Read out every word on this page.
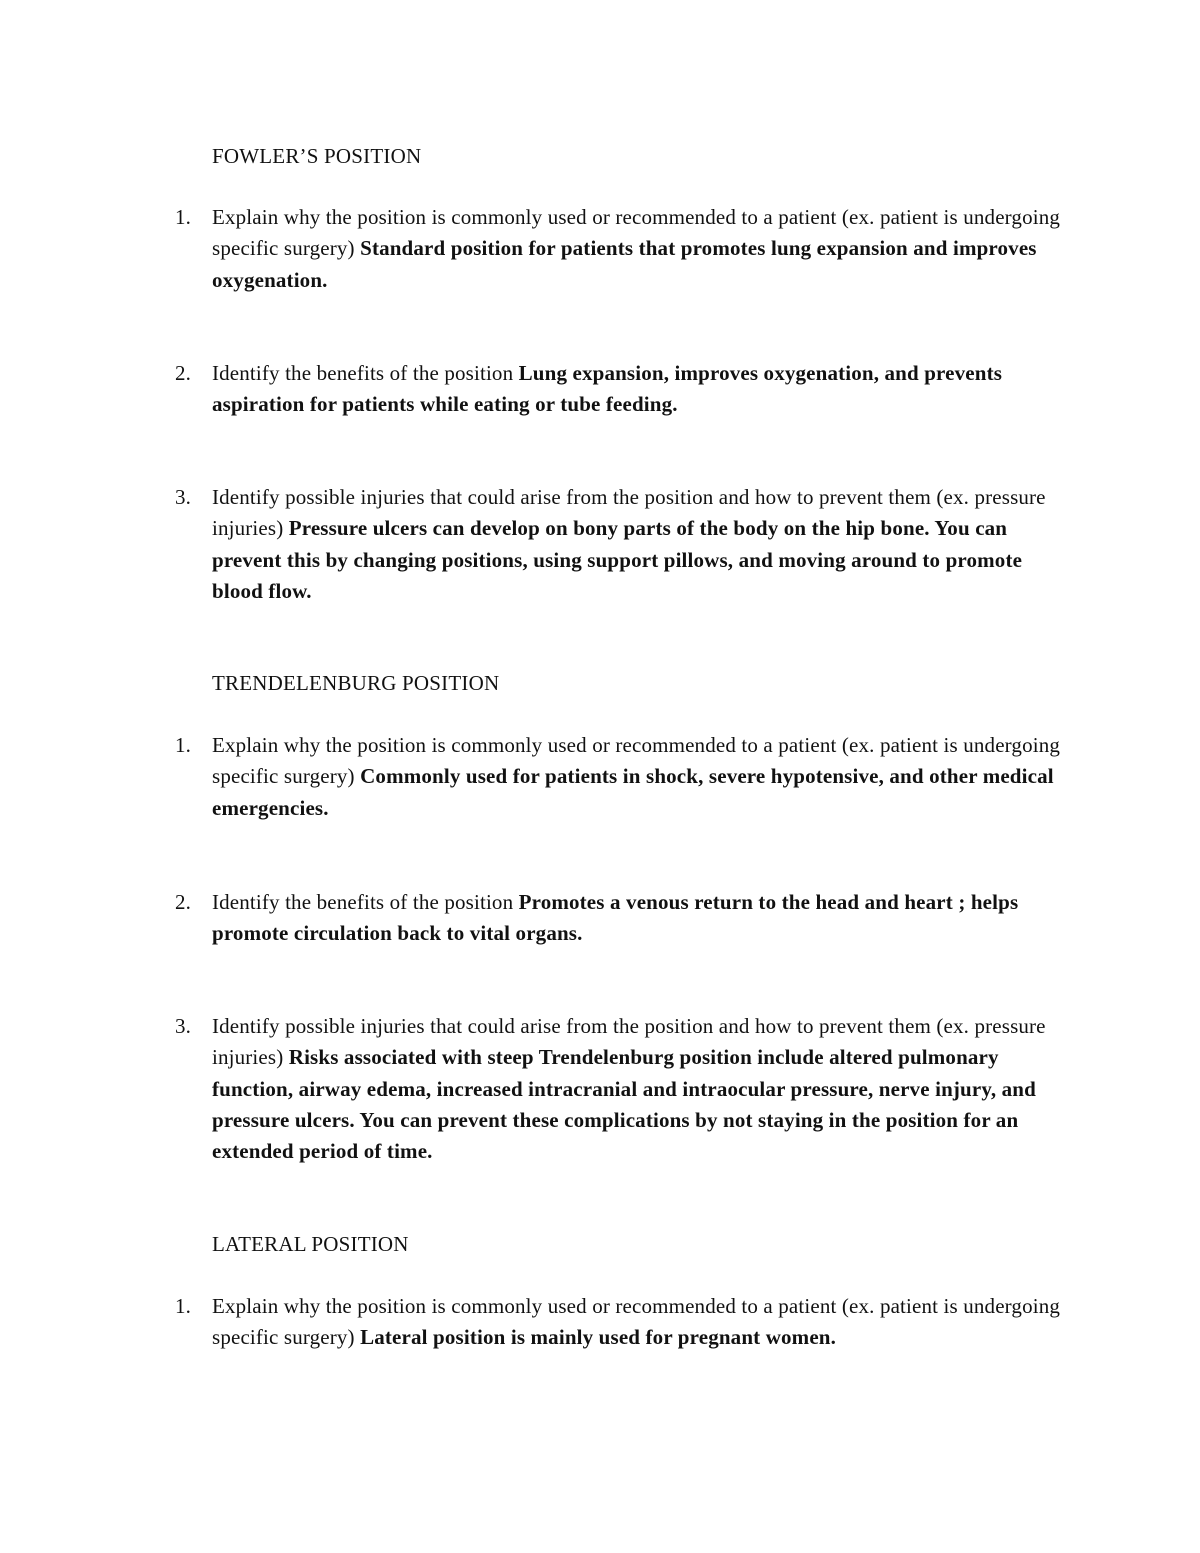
FOWLER’S POSITION
1. Explain why the position is commonly used or recommended to a patient (ex. patient is undergoing specific surgery) Standard position for patients that promotes lung expansion and improves oxygenation.
2. Identify the benefits of the position Lung expansion, improves oxygenation, and prevents aspiration for patients while eating or tube feeding.
3. Identify possible injuries that could arise from the position and how to prevent them (ex. pressure injuries) Pressure ulcers can develop on bony parts of the body on the hip bone. You can prevent this by changing positions, using support pillows, and moving around to promote blood flow.
TRENDELENBURG POSITION
1. Explain why the position is commonly used or recommended to a patient (ex. patient is undergoing specific surgery) Commonly used for patients in shock, severe hypotensive, and other medical emergencies.
2. Identify the benefits of the position Promotes a venous return to the head and heart ; helps promote circulation back to vital organs.
3. Identify possible injuries that could arise from the position and how to prevent them (ex. pressure injuries) Risks associated with steep Trendelenburg position include altered pulmonary function, airway edema, increased intracranial and intraocular pressure, nerve injury, and pressure ulcers. You can prevent these complications by not staying in the position for an extended period of time.
LATERAL POSITION
1. Explain why the position is commonly used or recommended to a patient (ex. patient is undergoing specific surgery) Lateral position is mainly used for pregnant women.
